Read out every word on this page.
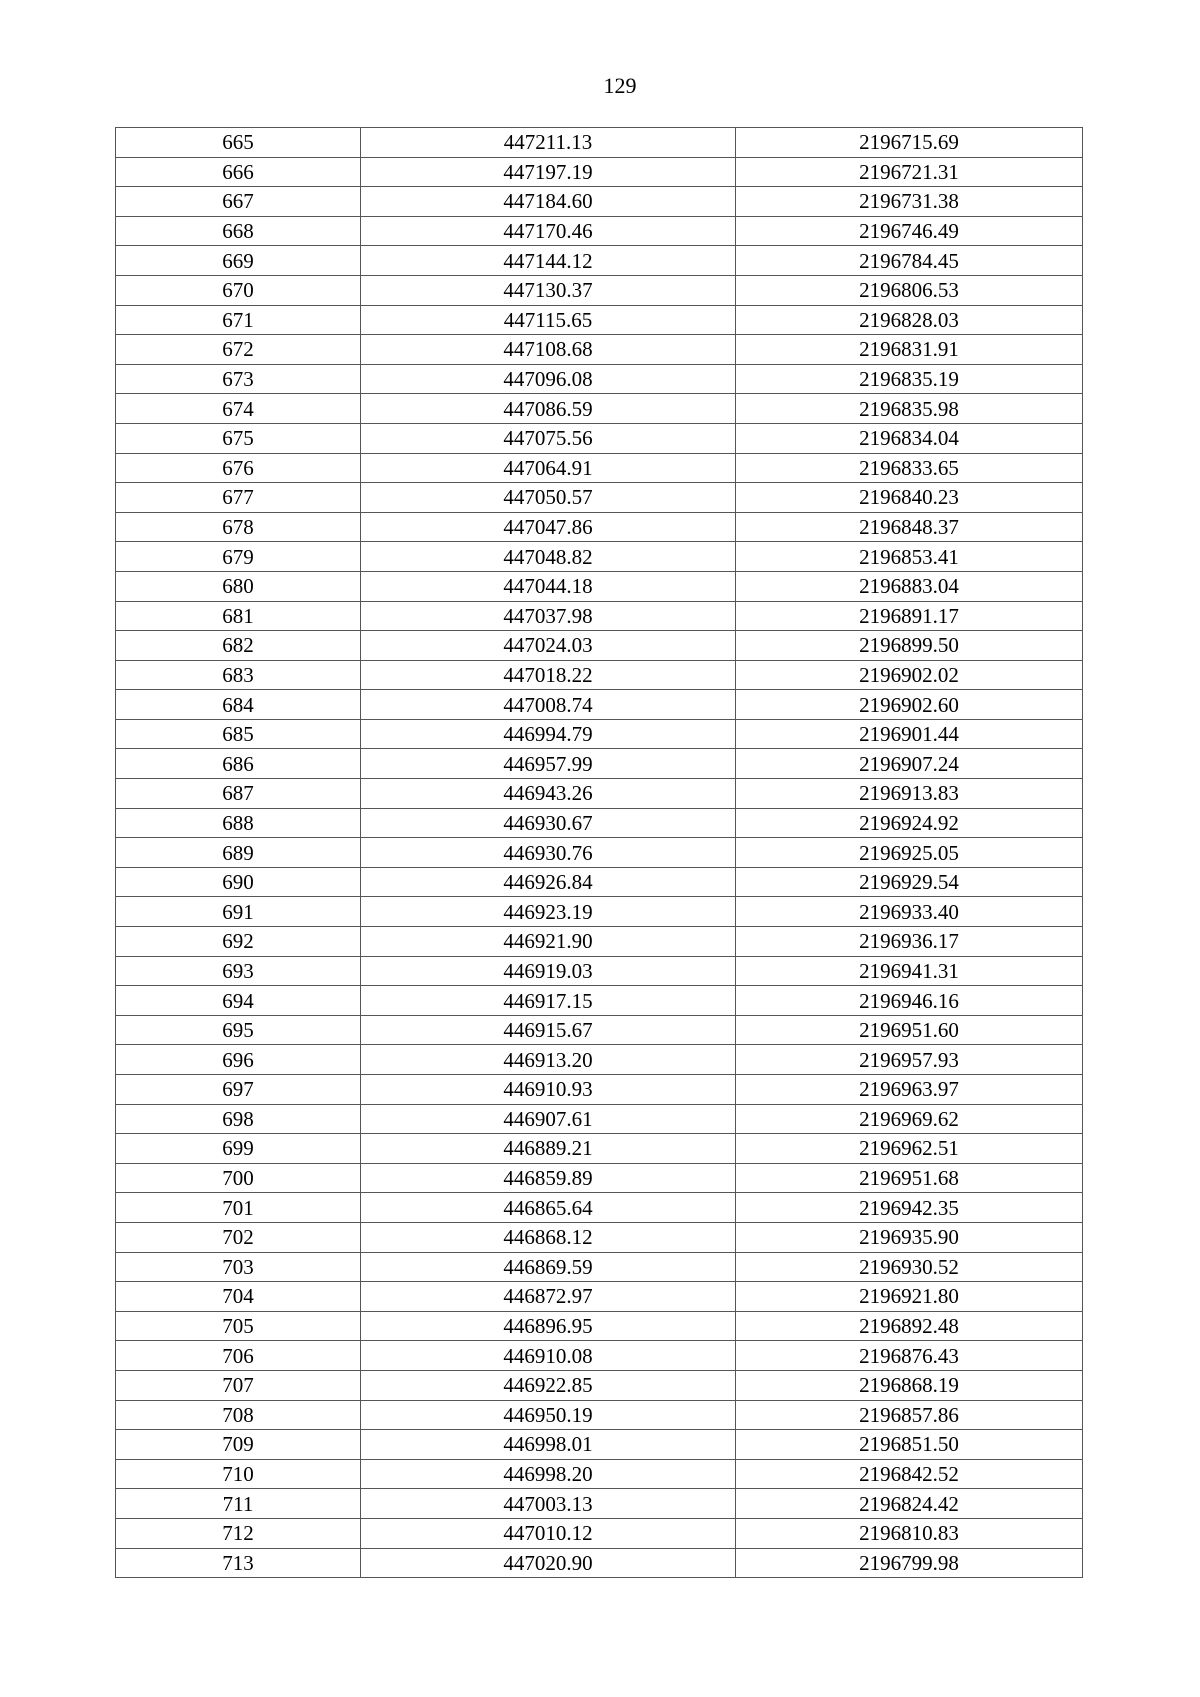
129
665	447211.13	2196715.69
666	447197.19	2196721.31
667	447184.60	2196731.38
668	447170.46	2196746.49
669	447144.12	2196784.45
670	447130.37	2196806.53
671	447115.65	2196828.03
672	447108.68	2196831.91
673	447096.08	2196835.19
674	447086.59	2196835.98
675	447075.56	2196834.04
676	447064.91	2196833.65
677	447050.57	2196840.23
678	447047.86	2196848.37
679	447048.82	2196853.41
680	447044.18	2196883.04
681	447037.98	2196891.17
682	447024.03	2196899.50
683	447018.22	2196902.02
684	447008.74	2196902.60
685	446994.79	2196901.44
686	446957.99	2196907.24
687	446943.26	2196913.83
688	446930.67	2196924.92
689	446930.76	2196925.05
690	446926.84	2196929.54
691	446923.19	2196933.40
692	446921.90	2196936.17
693	446919.03	2196941.31
694	446917.15	2196946.16
695	446915.67	2196951.60
696	446913.20	2196957.93
697	446910.93	2196963.97
698	446907.61	2196969.62
699	446889.21	2196962.51
700	446859.89	2196951.68
701	446865.64	2196942.35
702	446868.12	2196935.90
703	446869.59	2196930.52
704	446872.97	2196921.80
705	446896.95	2196892.48
706	446910.08	2196876.43
707	446922.85	2196868.19
708	446950.19	2196857.86
709	446998.01	2196851.50
710	446998.20	2196842.52
711	447003.13	2196824.42
712	447010.12	2196810.83
713	447020.90	2196799.98
